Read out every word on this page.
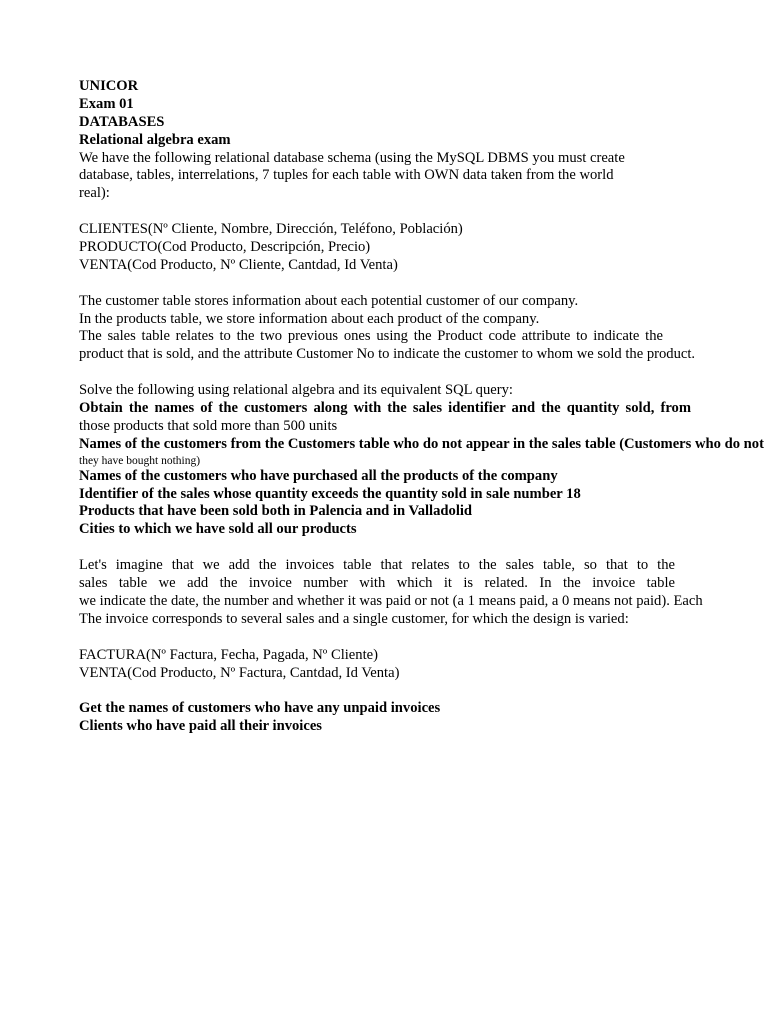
UNICOR
Exam 01
DATABASES
Relational algebra exam
We have the following relational database schema (using the MySQL DBMS you must create
database, tables, interrelations, 7 tuples for each table with OWN data taken from the world
real):
CLIENTES(Nº Cliente, Nombre, Dirección, Teléfono, Población)
PRODUCTO(Cod Producto, Descripción, Precio)
VENTA(Cod Producto, Nº Cliente, Cantdad, Id Venta)
The customer table stores information about each potential customer of our company.
In the products table, we store information about each product of the company.
The sales table relates to the two previous ones using the Product code attribute to indicate the
product that is sold, and the attribute Customer No to indicate the customer to whom we sold the product.
Solve the following using relational algebra and its equivalent SQL query:
Obtain the names of the customers along with the sales identifier and the quantity sold, from
those products that sold more than 500 units
Names of the customers from the Customers table who do not appear in the sales table (Customers who do not
they have bought nothing)
Names of the customers who have purchased all the products of the company
Identifier of the sales whose quantity exceeds the quantity sold in sale number 18
Products that have been sold both in Palencia and in Valladolid
Cities to which we have sold all our products
Let's imagine that we add the invoices table that relates to the sales table, so that to the
sales table we add the invoice number with which it is related. In the invoice table
we indicate the date, the number and whether it was paid or not (a 1 means paid, a 0 means not paid). Each
The invoice corresponds to several sales and a single customer, for which the design is varied:
FACTURA(Nº Factura, Fecha, Pagada, Nº Cliente)
VENTA(Cod Producto, Nº Factura, Cantdad, Id Venta)
Get the names of customers who have any unpaid invoices
Clients who have paid all their invoices
